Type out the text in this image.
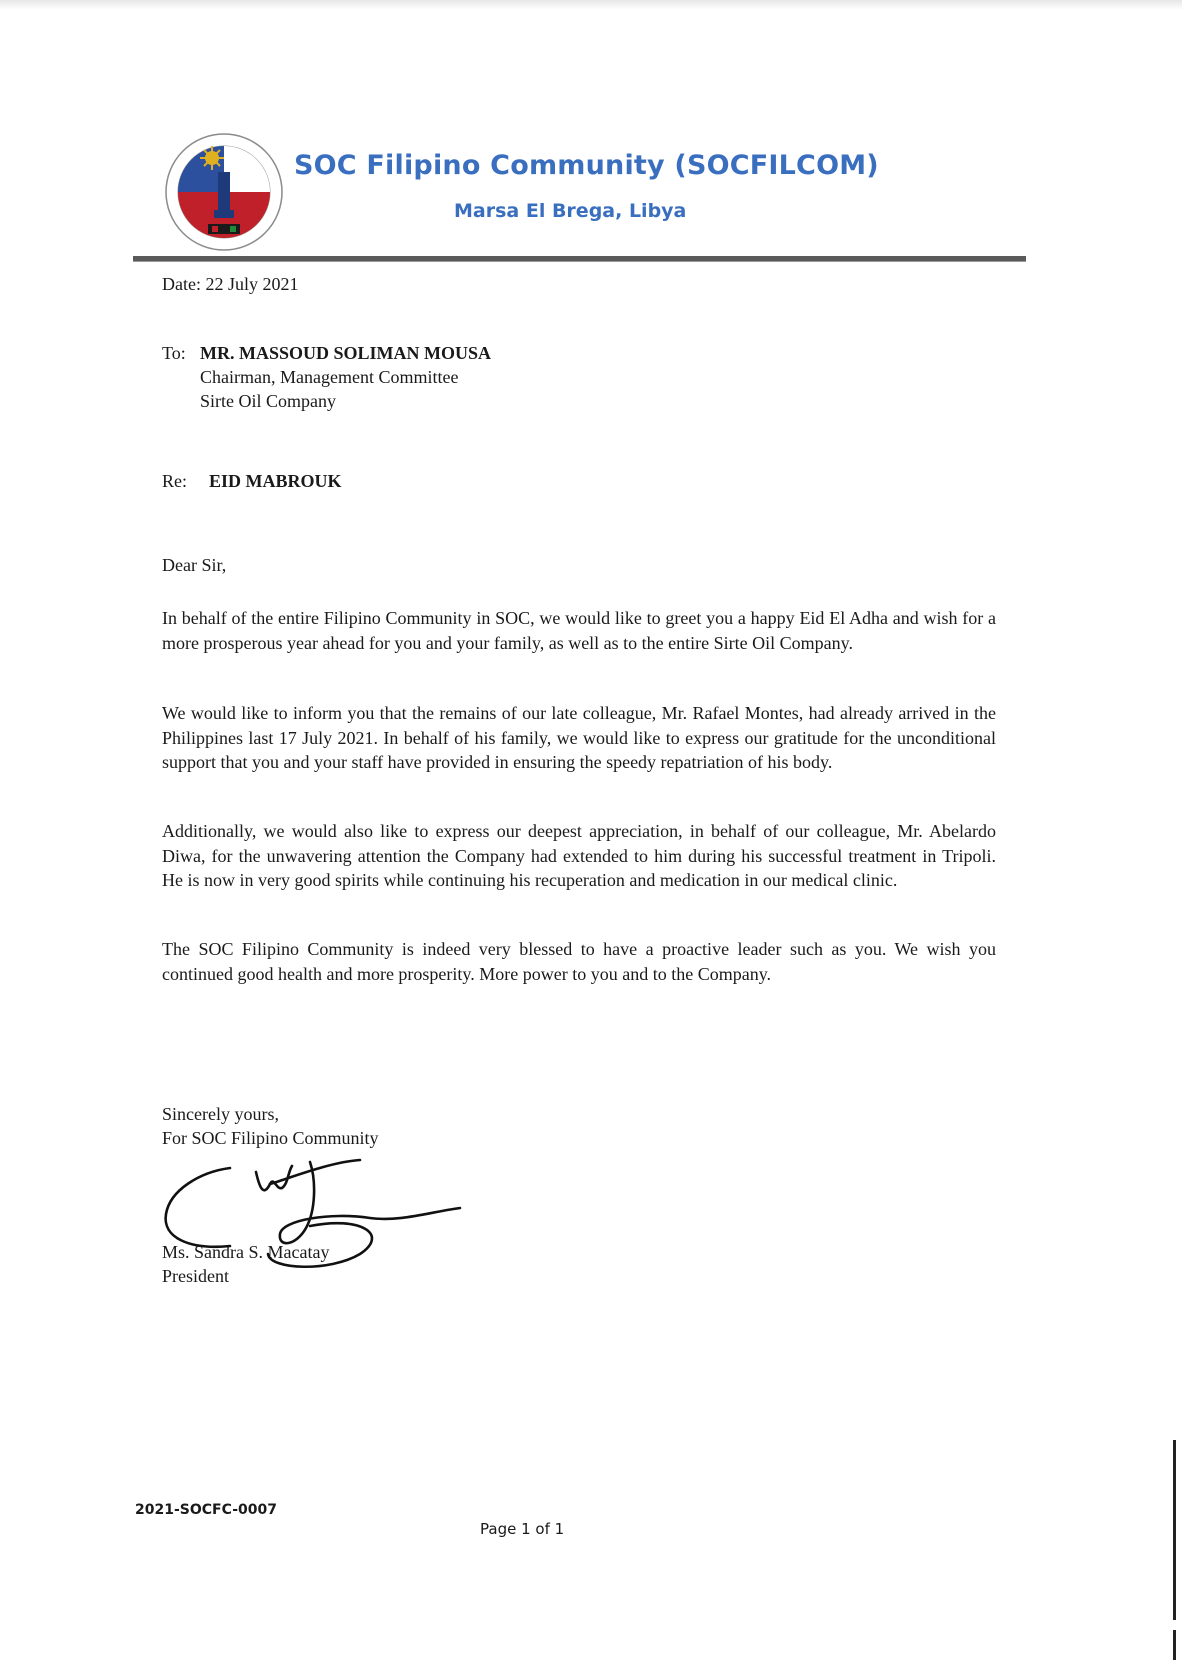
SOC Filipino Community (SOCFILCOM)
Marsa El Brega, Libya
Date: 22 July 2021
To: MR. MASSOUD SOLIMAN MOUSA
Chairman, Management Committee
Sirte Oil Company
Re: EID MABROUK
Dear Sir,
In behalf of the entire Filipino Community in SOC, we would like to greet you a happy Eid El Adha and wish for a more prosperous year ahead for you and your family, as well as to the entire Sirte Oil Company.
We would like to inform you that the remains of our late colleague, Mr. Rafael Montes, had already arrived in the Philippines last 17 July 2021. In behalf of his family, we would like to express our gratitude for the unconditional support that you and your staff have provided in ensuring the speedy repatriation of his body.
Additionally, we would also like to express our deepest appreciation, in behalf of our colleague, Mr. Abelardo Diwa, for the unwavering attention the Company had extended to him during his successful treatment in Tripoli. He is now in very good spirits while continuing his recuperation and medication in our medical clinic.
The SOC Filipino Community is indeed very blessed to have a proactive leader such as you. We wish you continued good health and more prosperity. More power to you and to the Company.
Sincerely yours,
For SOC Filipino Community
Ms. Sandra S. Macatay
President
2021-SOCFC-0007
Page 1 of 1
